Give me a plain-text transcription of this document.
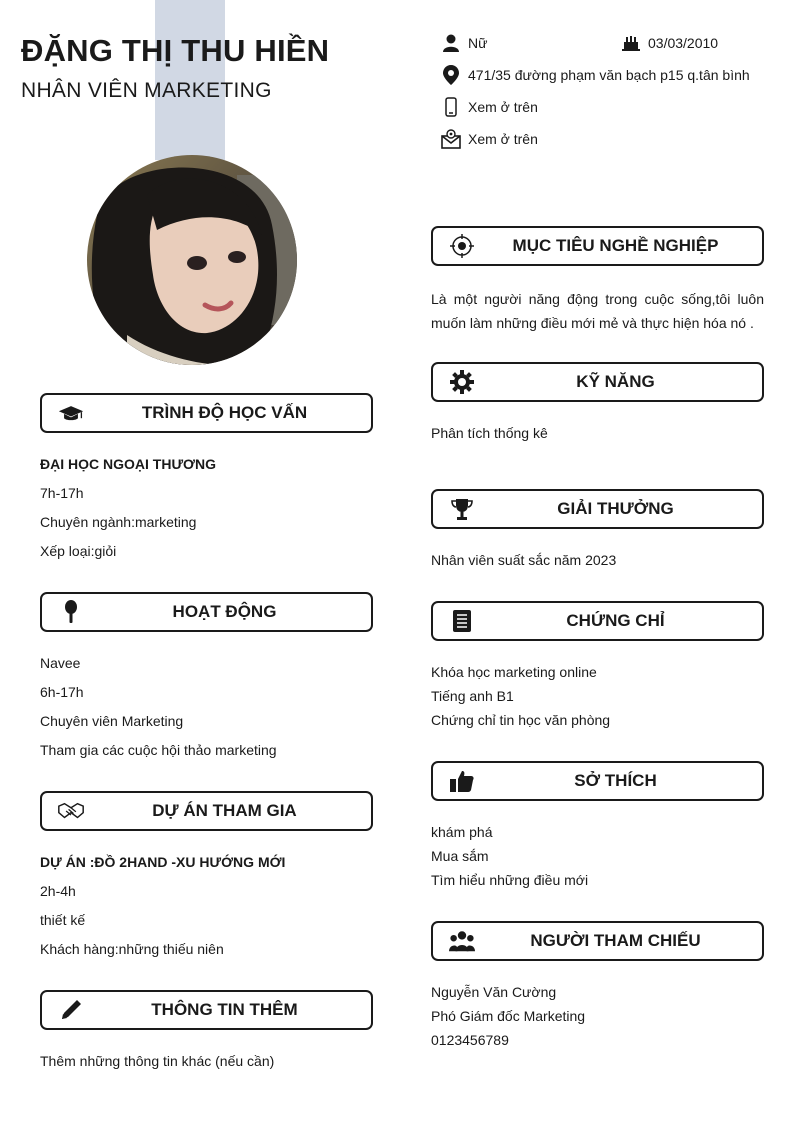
ĐẶNG THỊ THU HIỀN
NHÂN VIÊN MARKETING
Nữ	03/03/2010
471/35 đường phạm văn bạch p15 q.tân bình
Xem ở trên
Xem ở trên
TRÌNH ĐỘ HỌC VẤN
ĐẠI HỌC NGOẠI THƯƠNG
7h-17h
Chuyên ngành:marketing
Xếp loại:giỏi
HOẠT ĐỘNG
Navee
6h-17h
Chuyên viên Marketing
Tham gia các cuộc hội thảo marketing
DỰ ÁN THAM GIA
DỰ ÁN :ĐỒ 2HAND -XU HƯỚNG MỚI
2h-4h
thiết kế
Khách hàng:những thiếu niên
THÔNG TIN THÊM
Thêm những thông tin khác (nếu cần)
MỤC TIÊU NGHỀ NGHIỆP
Là một người năng động trong cuộc sống,tôi luôn muốn làm những điều mới mẻ và thực hiện hóa nó .
KỸ NĂNG
Phân tích thống kê
GIẢI THƯỞNG
Nhân viên suất sắc năm 2023
CHỨNG CHỈ
Khóa học marketing online
Tiếng anh B1
Chứng chỉ tin học văn phòng
SỞ THÍCH
khám phá
Mua sắm
Tìm hiểu những điều mới
NGƯỜI THAM CHIẾU
Nguyễn Văn Cường
Phó Giám đốc Marketing
0123456789
